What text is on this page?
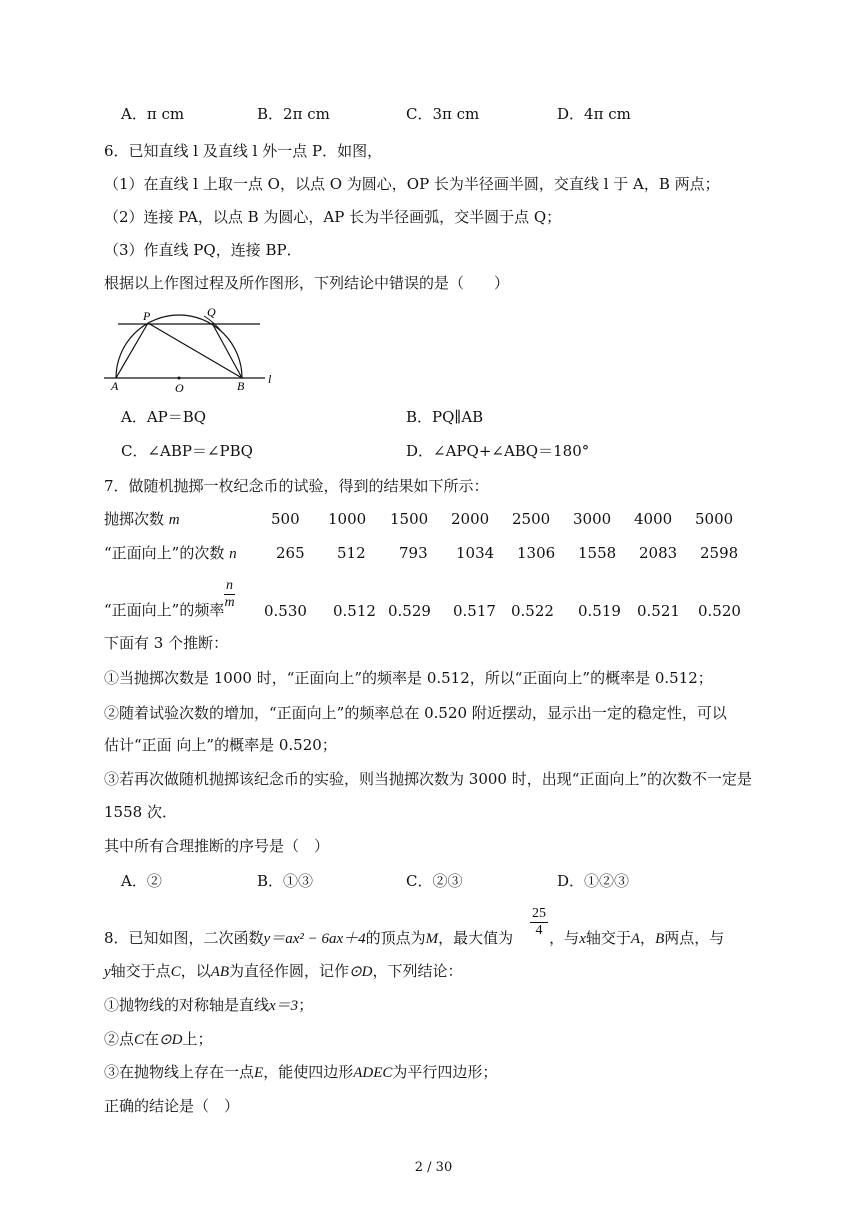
A．π cm	B．2π cm	C．3π cm	D．4π cm
6．已知直线 l 及直线 l 外一点 P．如图，
（1）在直线 l 上取一点 O，以点 O 为圆心，OP 长为半径画半圆，交直线 l 于 A，B 两点；
（2）连接 PA，以点 B 为圆心，AP 长为半径画弧，交半圆于点 Q；
（3）作直线 PQ，连接 BP．
根据以上作图过程及所作图形，下列结论中错误的是（　　）
P	Q
A	O	B l
A．AP＝BQ	B．PQ∥AB
C．∠ABP＝∠PBQ	D．∠APQ+∠ABQ＝180°
7．做随机抛掷一枚纪念币的试验，得到的结果如下所示：
抛掷次数 m	500 1000 1500 2000 2500 3000 4000 5000
“正面向上”的次数 n	265 512 793 1034 1306 1558 2083 2598
“正面向上”的频率 $\frac{n}{m} 0.530$ 0.512 0.529 0.517 0.522 0.519 0.521 0.520
下面有 3 个推断：
①当抛掷次数是 1000 时，“正面向上”的频率是 0.512，所以“正面向上”的概率是 0.512；
②随着试验次数的增加，“正面向上”的频率总在 0.520 附近摆动，显示出一定的稳定性，可以
估计“正面 向上”的概率是 0.520；
③若再次做随机抛掷该纪念币的实验，则当抛掷次数为 3000 时，出现“正面向上”的次数不一定是
1558 次．
其中所有合理推断的序号是（　）
A．②	B．①③	C．②③	D．①②③
8．已知如图，二次函数y＝ax² − 6ax＋4的顶点为M，最大值为 ，与x轴交于A，B两点，与
$\frac{25}{4}$
y轴交于点C，以AB为直径作圆，记作⊙D，下列结论：
①抛物线的对称轴是直线x＝3；
②点C在⊙D上；
③在抛物线上存在一点E，能使四边形ADEC为平行四边形；
正确的结论是（　）
2 / 30
